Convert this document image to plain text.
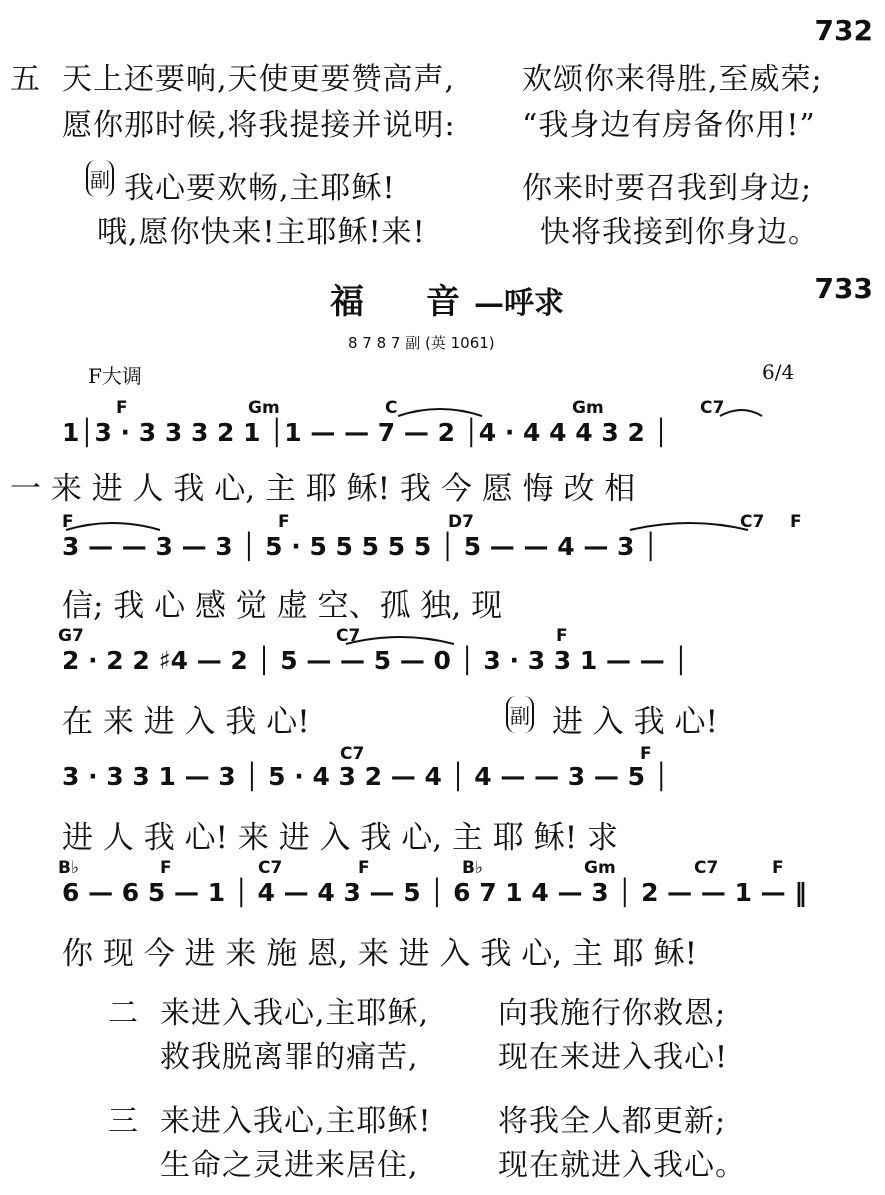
732
五 天上还要响,天使更要赞高声, 欢颂你来得胜,至威荣;
愿你那时候,将我提接并说明: “我身边有房备你用!”
副 我心要欢畅,主耶稣!	你来时要召我到身边;
哦,愿你快来!主耶稣!来!	快将我接到你身边。
733
福　音—呼求
8 7 8 7 副 (英 1061)
F大调	6/4
F	Gm	C	Gm	C7
1│3 · 3 3 3 2 1 │1 — — 7 — 2 │4 · 4 4 4 3 2 │
一 来 进 人 我 心, 主 耶 稣! 我 今 愿 悔 改 相
F	F	D7	C7 F
3 — — 3 — 3 │ 5 · 5 5 5 5 5 │ 5 — — 4 — 3 │
信; 我 心 感 觉 虚 空、孤 独, 现
G7	C7	F
2 · 2 2 ♯4 — 2 │ 5 — — 5 — 0 │ 3 · 3 3 1 — — │
在 来 进 入 我 心!	副 进 入 我 心!
C7	F
3 · 3 3 1 — 3 │ 5 · 4 3 2 — 4 │ 4 — — 3 — 5 │
进 人 我 心! 来 进 入 我 心, 主 耶 稣! 求
B♭	F	C7	F	B♭	Gm	C7	F
6 — 6 5 — 1 │ 4 — 4 3 — 5 │ 6 7 1 4 — 3 │ 2 — — 1 — ‖
你 现 今 进 来 施 恩, 来 进 入 我 心, 主 耶 稣!
二 来进入我心,主耶稣, 向我施行你救恩;
救我脱离罪的痛苦,	现在来进入我心!
三 来进入我心,主耶稣! 将我全人都更新;
生命之灵进来居住,	现在就进入我心。
